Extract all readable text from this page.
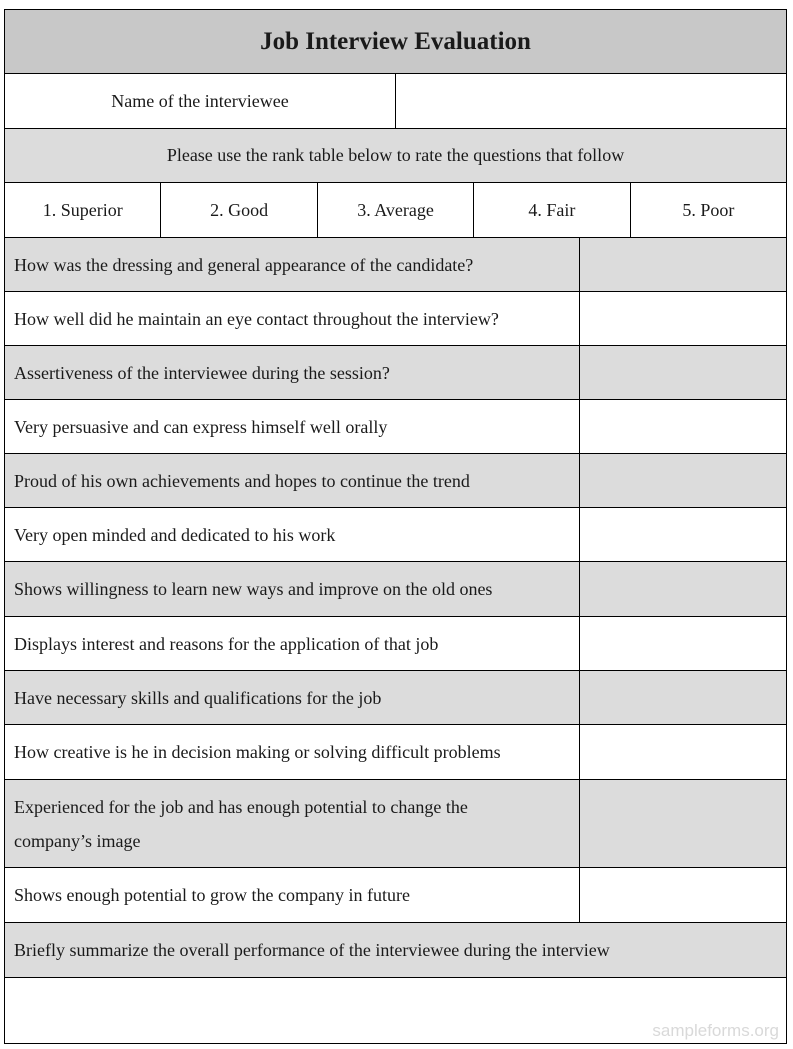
Job Interview Evaluation
Name of the interviewee
Please use the rank table below to rate the questions that follow
1. Superior	2. Good	3. Average	4. Fair	5. Poor
How was the dressing and general appearance of the candidate?
How well did he maintain an eye contact throughout the interview?
Assertiveness of the interviewee during the session?
Very persuasive and can express himself well orally
Proud of his own achievements and hopes to continue the trend
Very open minded and dedicated to his work
Shows willingness to learn new ways and improve on the old ones
Displays interest and reasons for the application of that job
Have necessary skills and qualifications for the job
How creative is he in decision making or solving difficult problems
Experienced for the job and has enough potential to change the company’s image
Shows enough potential to grow the company in future
Briefly summarize the overall performance of the interviewee during the interview
sampleforms.org
